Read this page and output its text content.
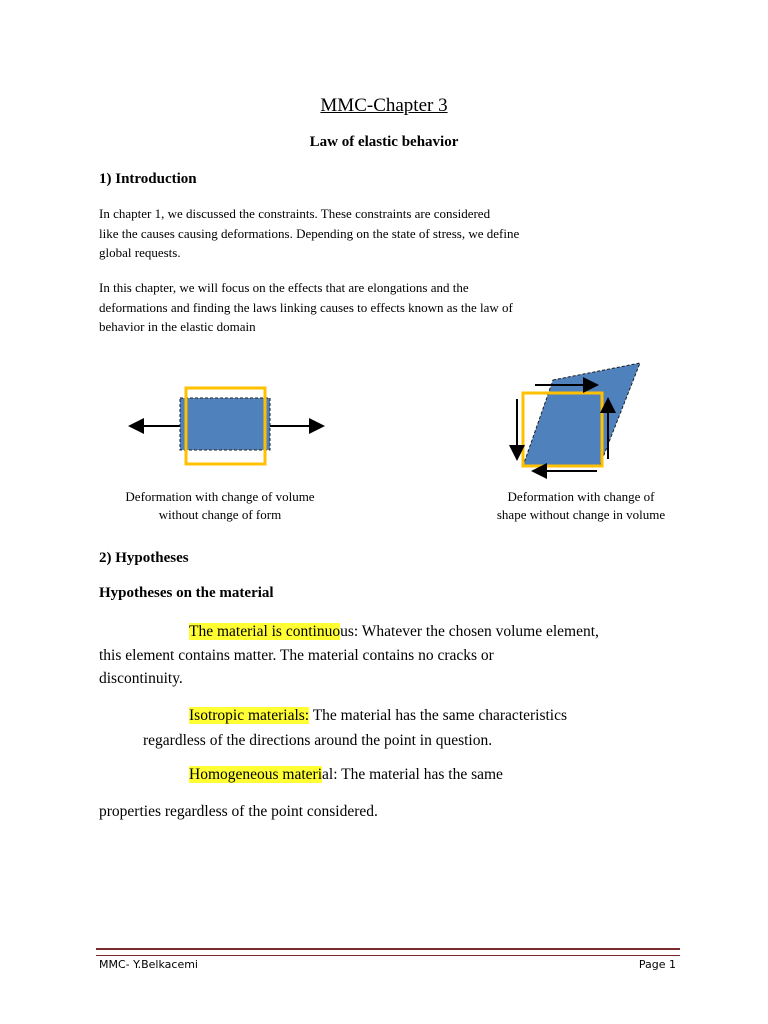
MMC-Chapter 3
Law of elastic behavior
1) Introduction
In chapter 1, we discussed the constraints. These constraints are considered
like the causes causing deformations. Depending on the state of stress, we define
global requests.
In this chapter, we will focus on the effects that are elongations and the
deformations and finding the laws linking causes to effects known as the law of
behavior in the elastic domain
Deformation with change of volume
without change of form
Deformation with change of
shape without change in volume
2) Hypotheses
Hypotheses on the material
The material is continuous: Whatever the chosen volume element,
this element contains matter. The material contains no cracks or
discontinuity.
Isotropic materials: The material has the same characteristics
regardless of the directions around the point in question.
Homogeneous material: The material has the same
properties regardless of the point considered.
MMC- Y.Belkacemi	Page 1
